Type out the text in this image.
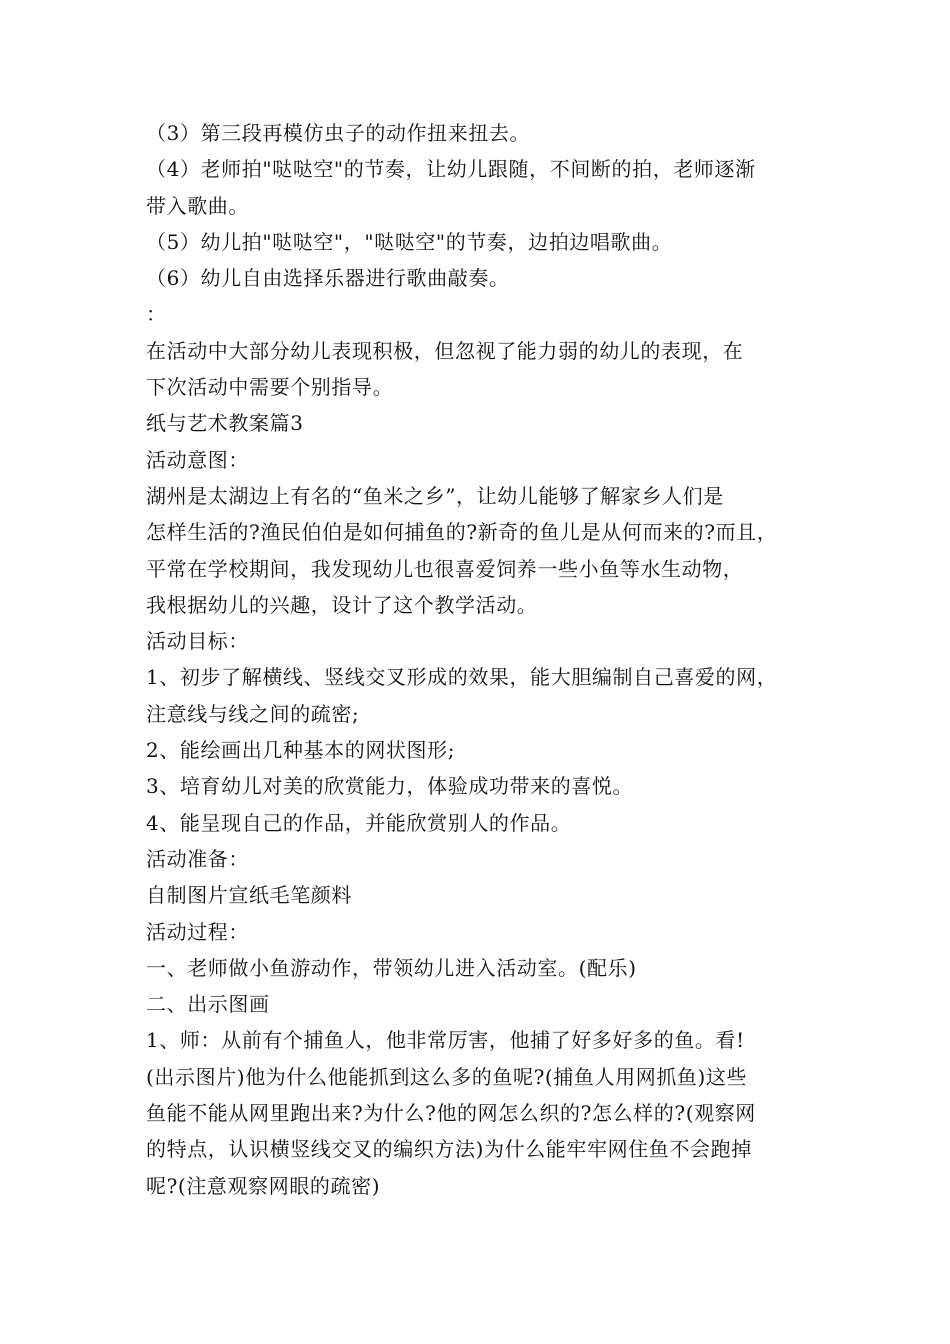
（3）第三段再模仿虫子的动作扭来扭去。
（4）老师拍"哒哒空"的节奏，让幼儿跟随，不间断的拍，老师逐渐
带入歌曲。
（5）幼儿拍"哒哒空"，"哒哒空"的节奏，边拍边唱歌曲。
（6）幼儿自由选择乐器进行歌曲敲奏。
：
在活动中大部分幼儿表现积极，但忽视了能力弱的幼儿的表现，在
下次活动中需要个别指导。
纸与艺术教案篇3
活动意图：
湖州是太湖边上有名的“鱼米之乡”，让幼儿能够了解家乡人们是
怎样生活的?渔民伯伯是如何捕鱼的?新奇的鱼儿是从何而来的?而且，
平常在学校期间，我发现幼儿也很喜爱饲养一些小鱼等水生动物，
我根据幼儿的兴趣，设计了这个教学活动。
活动目标：
1、初步了解横线、竖线交叉形成的效果，能大胆编制自己喜爱的网，
注意线与线之间的疏密;
2、能绘画出几种基本的网状图形;
3、培育幼儿对美的欣赏能力，体验成功带来的喜悦。
4、能呈现自己的作品，并能欣赏别人的作品。
活动准备：
自制图片宣纸毛笔颜料
活动过程：
一、老师做小鱼游动作，带领幼儿进入活动室。(配乐)
二、出示图画
1、师：从前有个捕鱼人，他非常厉害，他捕了好多好多的鱼。看!
(出示图片)他为什么他能抓到这么多的鱼呢?(捕鱼人用网抓鱼)这些
鱼能不能从网里跑出来?为什么?他的网怎么织的?怎么样的?(观察网
的特点，认识横竖线交叉的编织方法)为什么能牢牢网住鱼不会跑掉
呢?(注意观察网眼的疏密)
